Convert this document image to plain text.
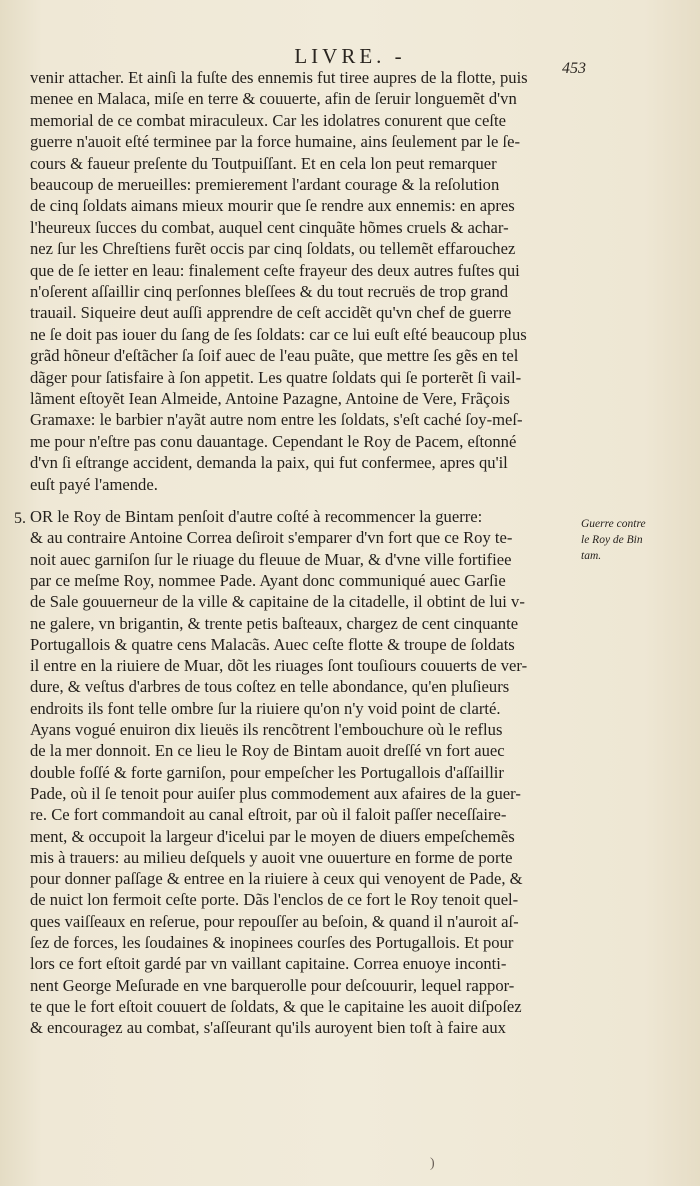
LIVRE. -
453
venir attacher. Et ainſi la fuſte des ennemis fut tiree aupres de la flotte, puis
menee en Malaca, miſe en terre & couuerte, afin de ſeruir longuemẽt d'vn
memorial de ce combat miraculeux. Car les idolatres conurent que ceſte
guerre n'auoit eſté terminee par la force humaine, ains ſeulement par le ſe-
cours & faueur preſente du Toutpuiſſant. Et en cela lon peut remarquer
beaucoup de merueilles: premierement l'ardant courage & la reſolution
de cinq ſoldats aimans mieux mourir que ſe rendre aux ennemis: en apres
l'heureux ſucces du combat, auquel cent cinquãte hõmes cruels & achar-
nez ſur les Chreſtiens furẽt occis par cinq ſoldats, ou tellemẽt effarouchez
que de ſe ietter en leau: finalement ceſte frayeur des deux autres fuſtes qui
n'oſerent aſſaillir cinq perſonnes bleſſees & du tout recruës de trop grand
trauail. Siqueire deut auſſi apprendre de ceſt accidẽt qu'vn chef de guerre
ne ſe doit pas iouer du ſang de ſes ſoldats: car ce lui euſt eſté beaucoup plus
grãd hõneur d'eſtãcher ſa ſoif auec de l'eau puãte, que mettre ſes gẽs en tel
dãger pour ſatisfaire à ſon appetit. Les quatre ſoldats qui ſe porterẽt ſi vail-
lãment eſtoyẽt Iean Almeide, Antoine Pazagne, Antoine de Vere, Frãçois
Gramaxe: le barbier n'ayãt autre nom entre les ſoldats, s'eſt caché ſoy-meſ-
me pour n'eſtre pas conu dauantage. Cependant le Roy de Pacem, eſtonné
d'vn ſi eſtrange accident, demanda la paix, qui fut confermee, apres qu'il
euſt payé l'amende.
OR le Roy de Bintam penſoit d'autre coſté à recommencer la guerre:
& au contraire Antoine Correa deſiroit s'emparer d'vn fort que ce Roy te-
noit auec garniſon ſur le riuage du fleuue de Muar, & d'vne ville fortifiee
par ce meſme Roy, nommee Pade. Ayant donc communiqué auec Garſie
de Sale gouuerneur de la ville & capitaine de la citadelle, il obtint de lui v-
ne galere, vn brigantin, & trente petis baſteaux, chargez de cent cinquante
Portugallois & quatre cens Malacãs. Auec ceſte flotte & troupe de ſoldats
il entre en la riuiere de Muar, dõt les riuages ſont touſiours couuerts de ver-
dure, & veſtus d'arbres de tous coſtez en telle abondance, qu'en pluſieurs
endroits ils font telle ombre ſur la riuiere qu'on n'y void point de clarté.
Ayans vogué enuiron dix lieuës ils rencõtrent l'embouchure où le reflus
de la mer donnoit. En ce lieu le Roy de Bintam auoit dreſſé vn fort auec
double foſſé & forte garniſon, pour empeſcher les Portugallois d'aſſaillir
Pade, où il ſe tenoit pour auiſer plus commodement aux afaires de la guer-
re. Ce fort commandoit au canal eſtroit, par où il faloit paſſer neceſſaire-
ment, & occupoit la largeur d'icelui par le moyen de diuers empeſchemẽs
mis à trauers: au milieu deſquels y auoit vne ouuerture en forme de porte
pour donner paſſage & entree en la riuiere à ceux qui venoyent de Pade, &
de nuict lon fermoit ceſte porte. Dãs l'enclos de ce fort le Roy tenoit quel-
ques vaiſſeaux en reſerue, pour repouſſer au beſoin, & quand il n'auroit aſ-
ſez de forces, les ſoudaines & inopinees courſes des Portugallois. Et pour
lors ce fort eſtoit gardé par vn vaillant capitaine. Correa enuoye inconti-
nent George Meſurade en vne barquerolle pour deſcouurir, lequel rappor-
te que le fort eſtoit couuert de ſoldats, & que le capitaine les auoit diſpoſez
& encouragez au combat, s'aſſeurant qu'ils auroyent bien toſt à faire aux
5.	Guerre contre
le Roy de Bin
tam.
)
